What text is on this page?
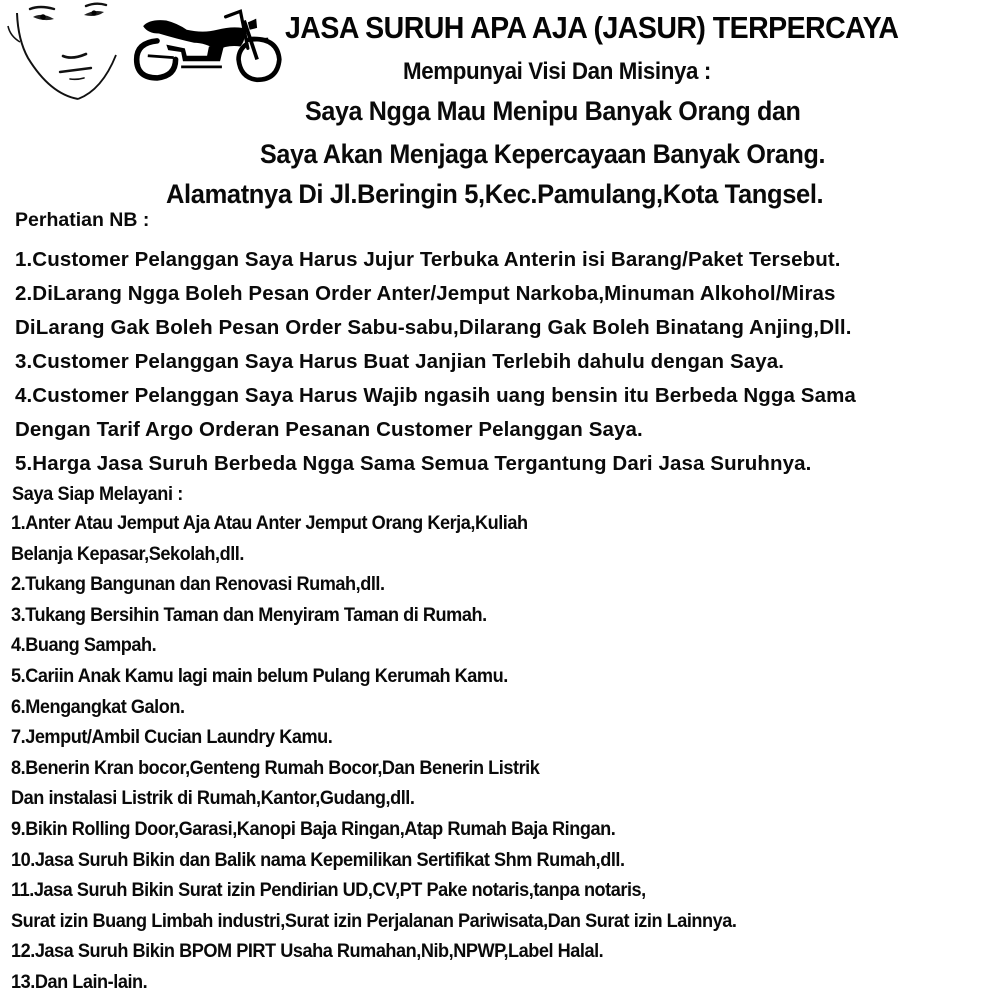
JASA SURUH APA AJA (JASUR) TERPERCAYA
Mempunyai Visi Dan Misinya :
Saya Ngga Mau Menipu Banyak Orang dan
Saya Akan Menjaga Kepercayaan Banyak Orang.
Alamatnya Di Jl.Beringin 5,Kec.Pamulang,Kota Tangsel.
Perhatian NB :
1.Customer Pelanggan Saya Harus Jujur Terbuka Anterin isi Barang/Paket Tersebut.
2.DiLarang Ngga Boleh Pesan Order Anter/Jemput Narkoba,Minuman Alkohol/Miras
DiLarang Gak Boleh Pesan Order Sabu-sabu,Dilarang Gak Boleh Binatang Anjing,Dll.
3.Customer Pelanggan Saya Harus Buat Janjian Terlebih dahulu dengan Saya.
4.Customer Pelanggan Saya Harus Wajib ngasih uang bensin itu Berbeda Ngga Sama
Dengan Tarif Argo Orderan Pesanan Customer Pelanggan Saya.
5.Harga Jasa Suruh Berbeda Ngga Sama Semua Tergantung Dari Jasa Suruhnya.
Saya Siap Melayani :
1.Anter Atau Jemput Aja Atau Anter Jemput Orang Kerja,Kuliah
Belanja Kepasar,Sekolah,dll.
2.Tukang Bangunan dan Renovasi Rumah,dll.
3.Tukang Bersihin Taman dan Menyiram Taman di Rumah.
4.Buang Sampah.
5.Cariin Anak Kamu lagi main belum Pulang Kerumah Kamu.
6.Mengangkat Galon.
7.Jemput/Ambil Cucian Laundry Kamu.
8.Benerin Kran bocor,Genteng Rumah Bocor,Dan Benerin Listrik
Dan instalasi Listrik di Rumah,Kantor,Gudang,dll.
9.Bikin Rolling Door,Garasi,Kanopi Baja Ringan,Atap Rumah Baja Ringan.
10.Jasa Suruh Bikin dan Balik nama Kepemilikan Sertifikat Shm Rumah,dll.
11.Jasa Suruh Bikin Surat izin Pendirian UD,CV,PT Pake notaris,tanpa notaris,
Surat izin Buang Limbah industri,Surat izin Perjalanan Pariwisata,Dan Surat izin Lainnya.
12.Jasa Suruh Bikin BPOM PIRT Usaha Rumahan,Nib,NPWP,Label Halal.
13.Dan Lain-lain.
